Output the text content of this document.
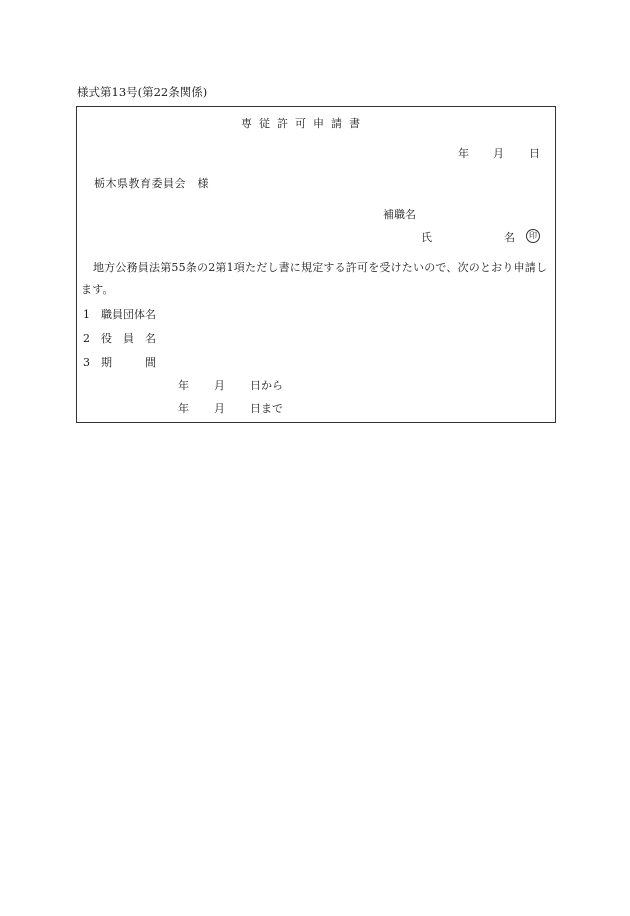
様式第13号(第22条関係)
専従許可申請書
年 月 日
栃木県教育委員会　様
補職名
氏	名	印
地方公務員法第55条の2第1項ただし書に規定する許可を受けたいので、次のとおり申請します。
1 職員団体名
2 役　員　名
3 期　　　間
年 月 日から
年 月 日まで
